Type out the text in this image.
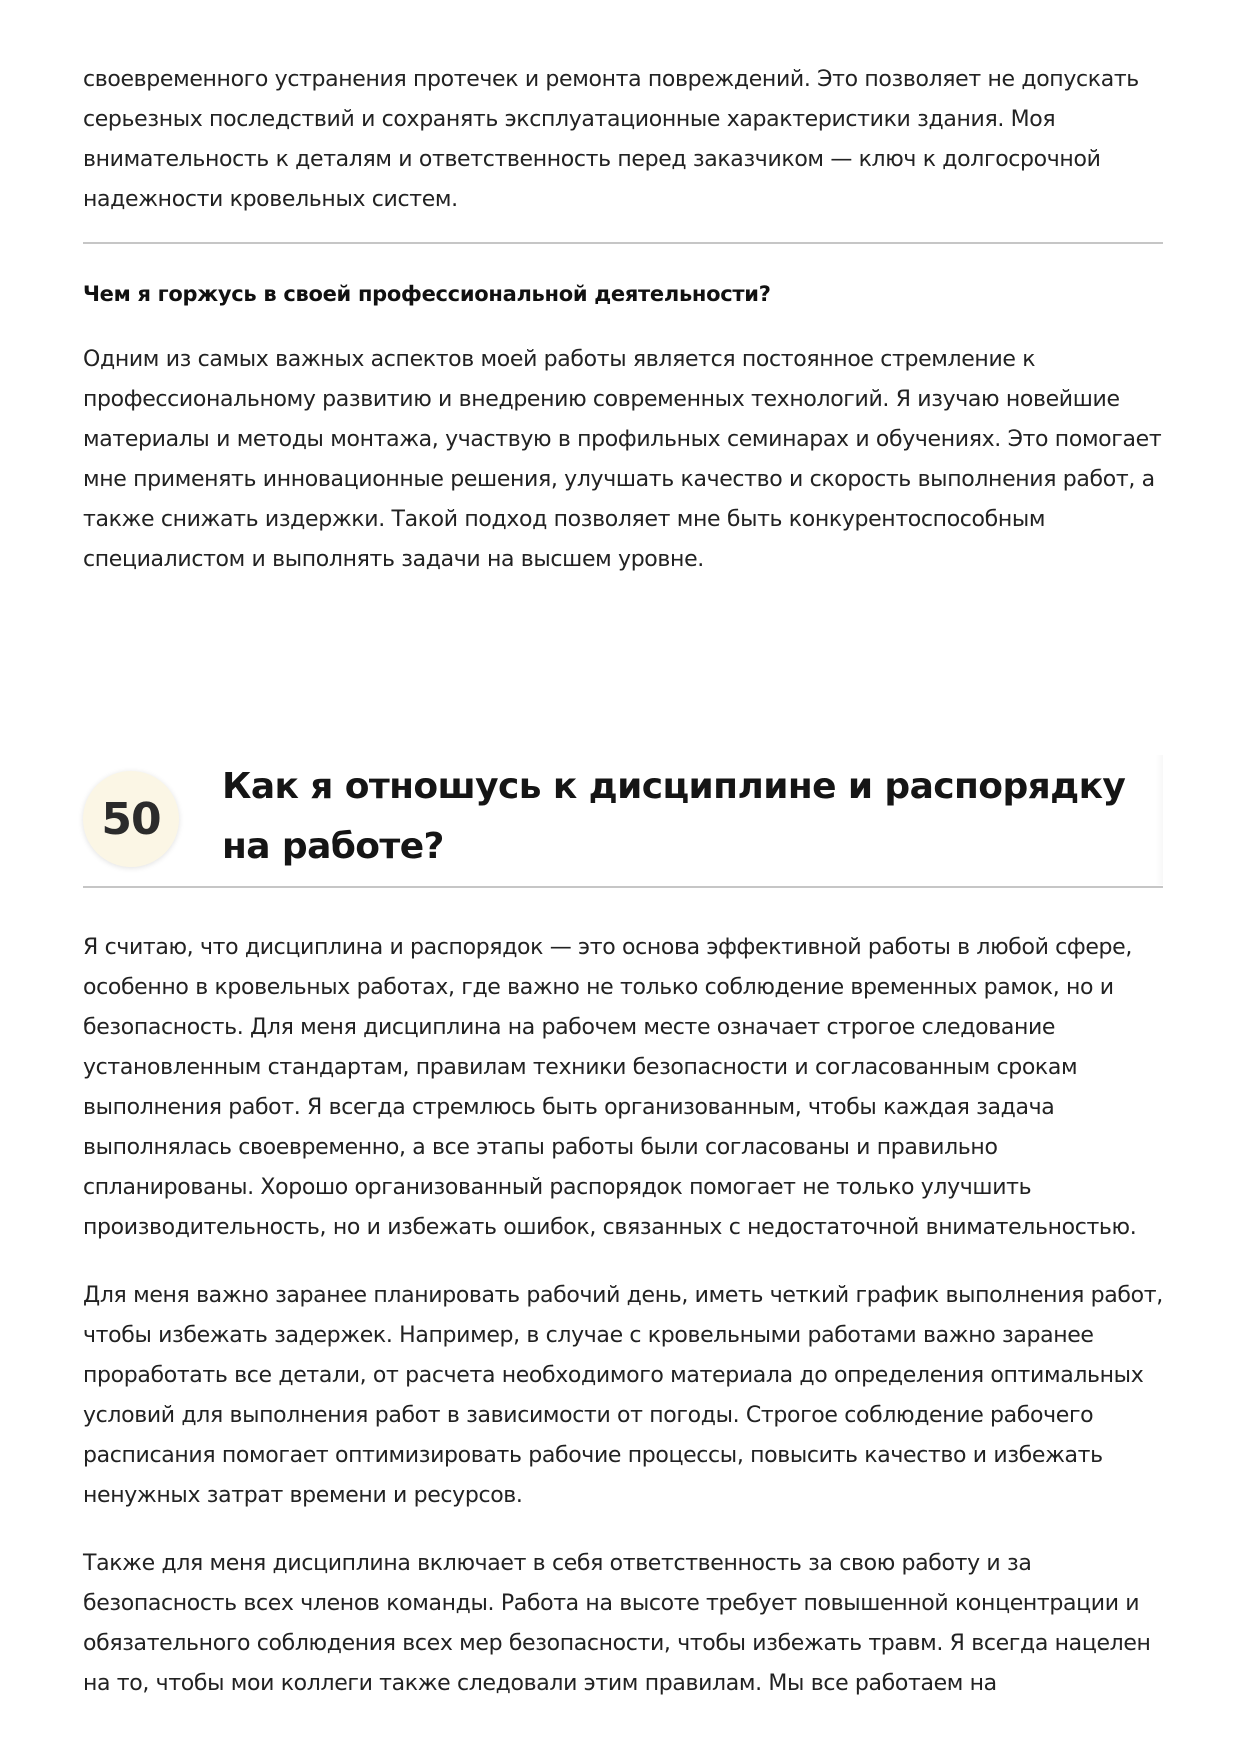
своевременного устранения протечек и ремонта повреждений. Это позволяет не допускать серьезных последствий и сохранять эксплуатационные характеристики здания. Моя внимательность к деталям и ответственность перед заказчиком — ключ к долгосрочной надежности кровельных систем.

Чем я горжусь в своей профессиональной деятельности?

Одним из самых важных аспектов моей работы является постоянное стремление к профессиональному развитию и внедрению современных технологий. Я изучаю новейшие материалы и методы монтажа, участвую в профильных семинарах и обучениях. Это помогает мне применять инновационные решения, улучшать качество и скорость выполнения работ, а также снижать издержки. Такой подход позволяет мне быть конкурентоспособным специалистом и выполнять задачи на высшем уровне.

50
Как я отношусь к дисциплине и распорядку на работе?

Я считаю, что дисциплина и распорядок — это основа эффективной работы в любой сфере, особенно в кровельных работах, где важно не только соблюдение временных рамок, но и безопасность. Для меня дисциплина на рабочем месте означает строгое следование установленным стандартам, правилам техники безопасности и согласованным срокам выполнения работ. Я всегда стремлюсь быть организованным, чтобы каждая задача выполнялась своевременно, а все этапы работы были согласованы и правильно спланированы. Хорошо организованный распорядок помогает не только улучшить производительность, но и избежать ошибок, связанных с недостаточной внимательностью.

Для меня важно заранее планировать рабочий день, иметь четкий график выполнения работ, чтобы избежать задержек. Например, в случае с кровельными работами важно заранее проработать все детали, от расчета необходимого материала до определения оптимальных условий для выполнения работ в зависимости от погоды. Строгое соблюдение рабочего расписания помогает оптимизировать рабочие процессы, повысить качество и избежать ненужных затрат времени и ресурсов.

Также для меня дисциплина включает в себя ответственность за свою работу и за безопасность всех членов команды. Работа на высоте требует повышенной концентрации и обязательного соблюдения всех мер безопасности, чтобы избежать травм. Я всегда нацелен на то, чтобы мои коллеги также следовали этим правилам. Мы все работаем на
